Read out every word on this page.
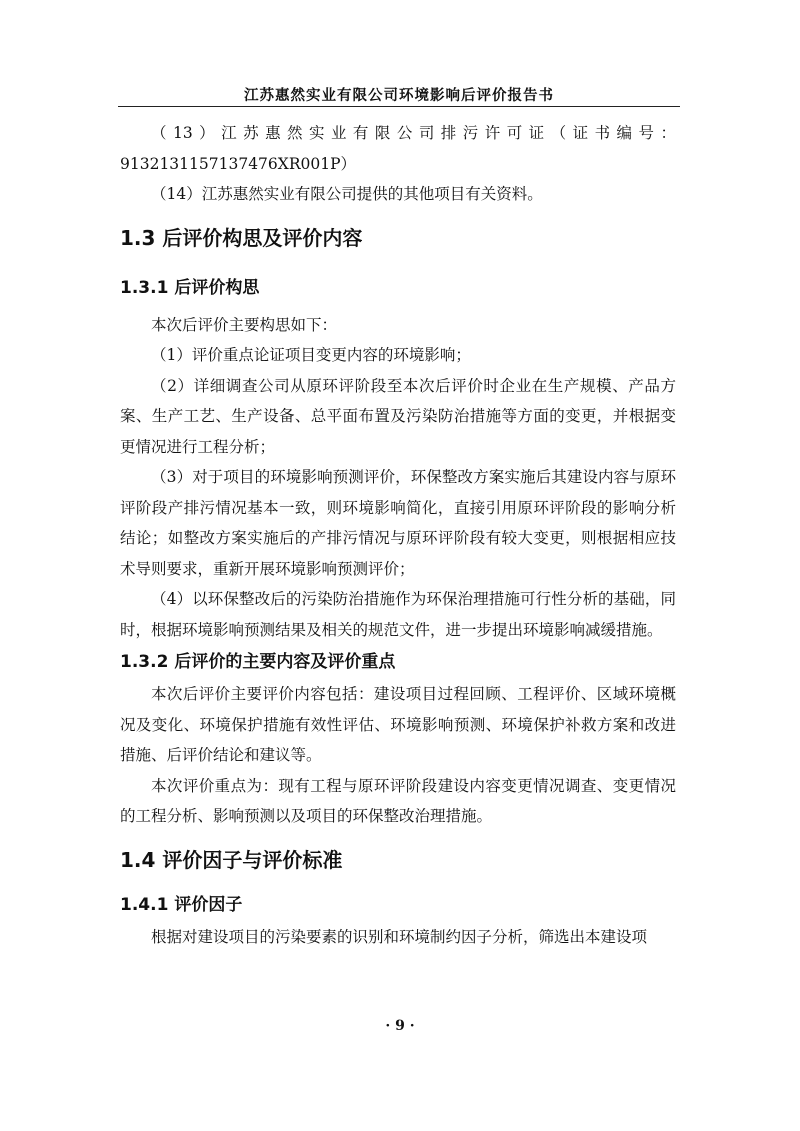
江苏惠然实业有限公司环境影响后评价报告书

（13）江苏惠然实业有限公司排污许可证（证书编号：

9132131157137476XR001P）

（14）江苏惠然实业有限公司提供的其他项目有关资料。

1.3 后评价构思及评价内容
1.3.1 后评价构思

本次后评价主要构思如下：

（1）评价重点论证项目变更内容的环境影响；

（2）详细调查公司从原环评阶段至本次后评价时企业在生产规模、产品方案、生产工艺、生产设备、总平面布置及污染防治措施等方面的变更，并根据变更情况进行工程分析；

（3）对于项目的环境影响预测评价，环保整改方案实施后其建设内容与原环评阶段产排污情况基本一致，则环境影响简化，直接引用原环评阶段的影响分析结论；如整改方案实施后的产排污情况与原环评阶段有较大变更，则根据相应技术导则要求，重新开展环境影响预测评价；

（4）以环保整改后的污染防治措施作为环保治理措施可行性分析的基础，同时，根据环境影响预测结果及相关的规范文件，进一步提出环境影响减缓措施。

1.3.2 后评价的主要内容及评价重点

本次后评价主要评价内容包括：建设项目过程回顾、工程评价、区域环境概况及变化、环境保护措施有效性评估、环境影响预测、环境保护补救方案和改进措施、后评价结论和建议等。

本次评价重点为：现有工程与原环评阶段建设内容变更情况调查、变更情况的工程分析、影响预测以及项目的环保整改治理措施。

1.4 评价因子与评价标准
1.4.1 评价因子

根据对建设项目的污染要素的识别和环境制约因子分析，筛选出本建设项

· 9 ·
